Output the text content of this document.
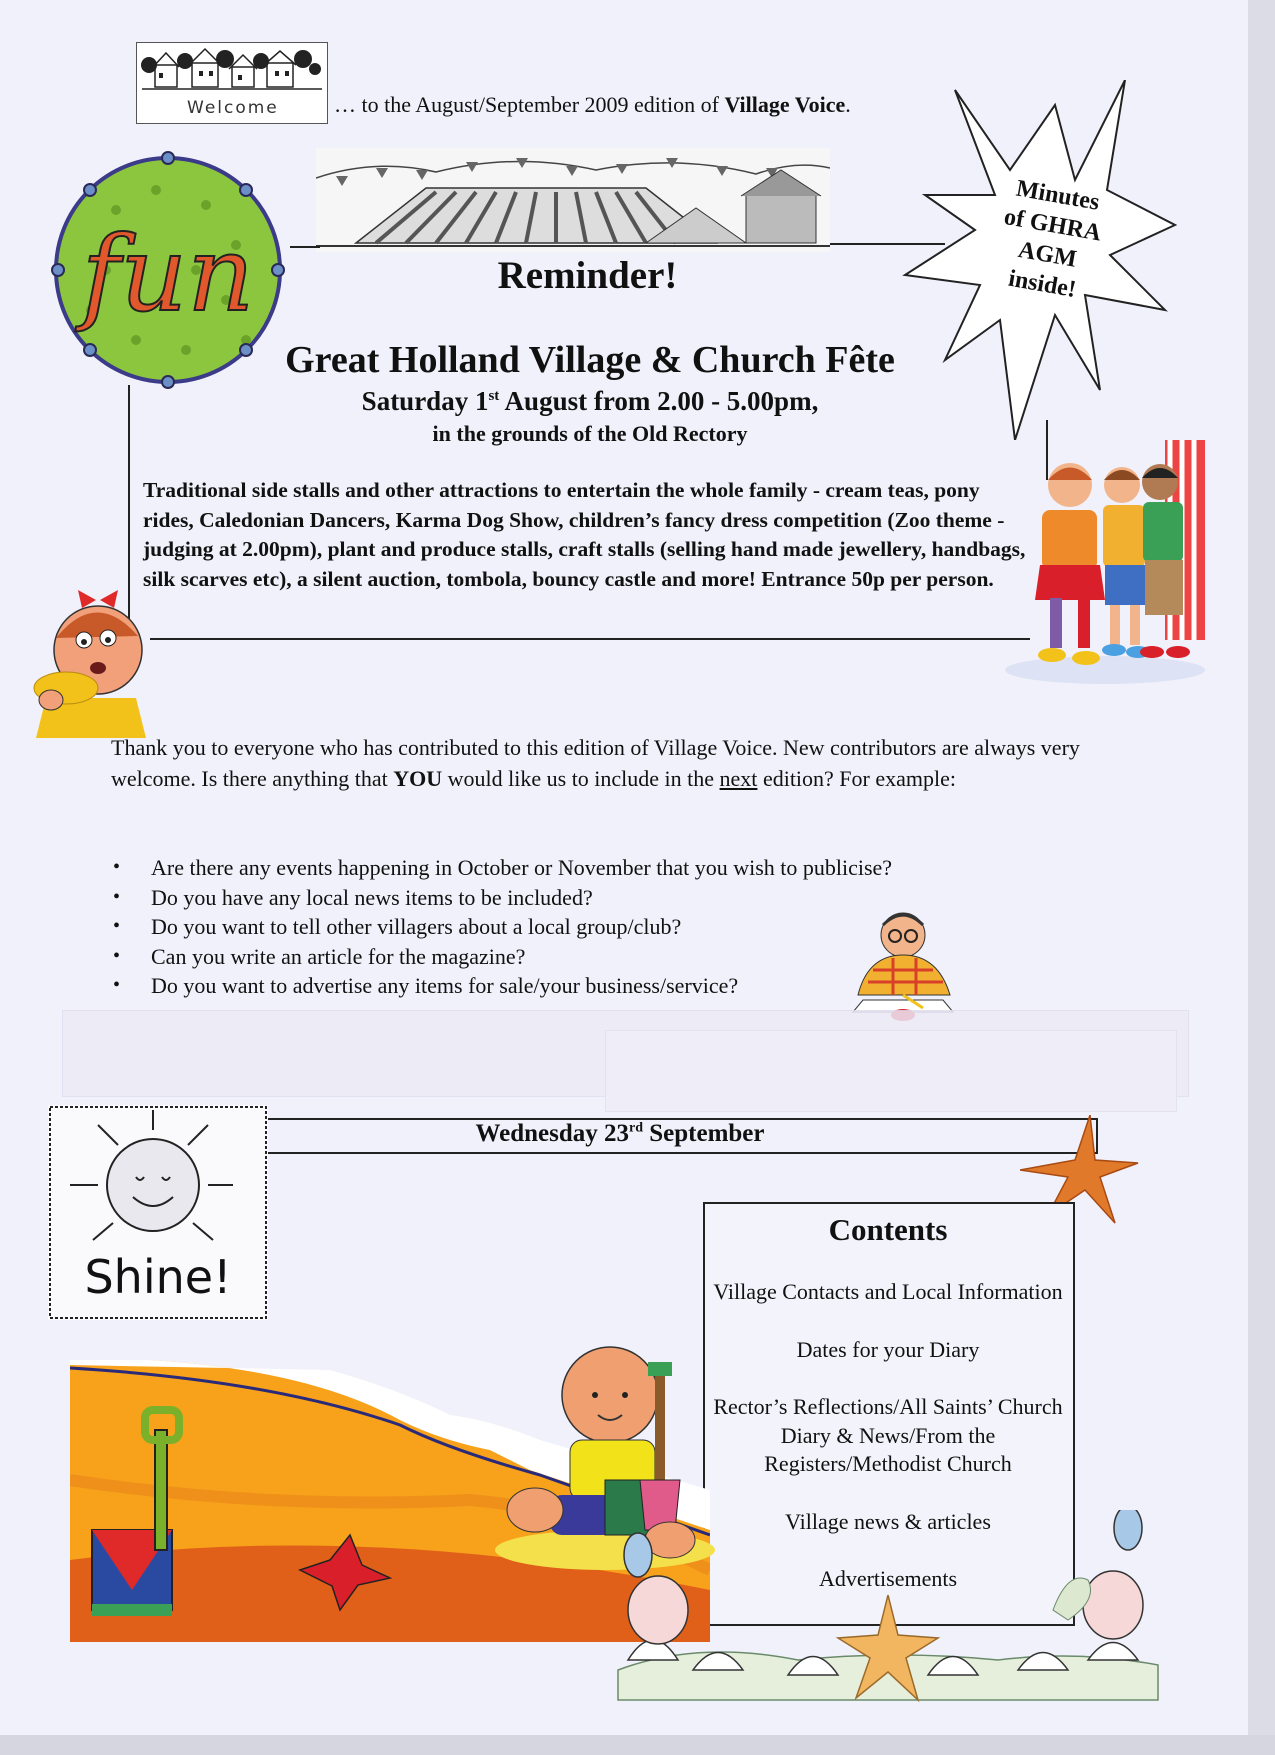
Welcome	… to the August/September 2009 edition of Village Voice.
fun
Minutes
of GHRA
AGM
inside!
Reminder!
Great Holland Village & Church Fête
Saturday 1st August from 2.00 - 5.00pm,
in the grounds of the Old Rectory
Traditional side stalls and other attractions to entertain the whole family - cream teas, pony rides, Caledonian Dancers, Karma Dog Show, children’s fancy dress competition (Zoo theme - judging at 2.00pm), plant and produce stalls, craft stalls (selling hand made jewellery, handbags, silk scarves etc), a silent auction, tombola, bouncy castle and more! Entrance 50p per person.
Thank you to everyone who has contributed to this edition of Village Voice. New contributors are always very welcome. Is there anything that YOU would like us to include in the next edition? For example:
• Are there any events happening in October or November that you wish to publicise?
• Do you have any local news items to be included?
• Do you want to tell other villagers about a local group/club?
• Can you write an article for the magazine?
• Do you want to advertise any items for sale/your business/service?
Shine!
Wednesday 23rd September
Contents
Village Contacts and Local Information
Dates for your Diary
Rector’s Reflections/All Saints’ Church Diary & News/From the Registers/Methodist Church
Village news & articles
Advertisements
